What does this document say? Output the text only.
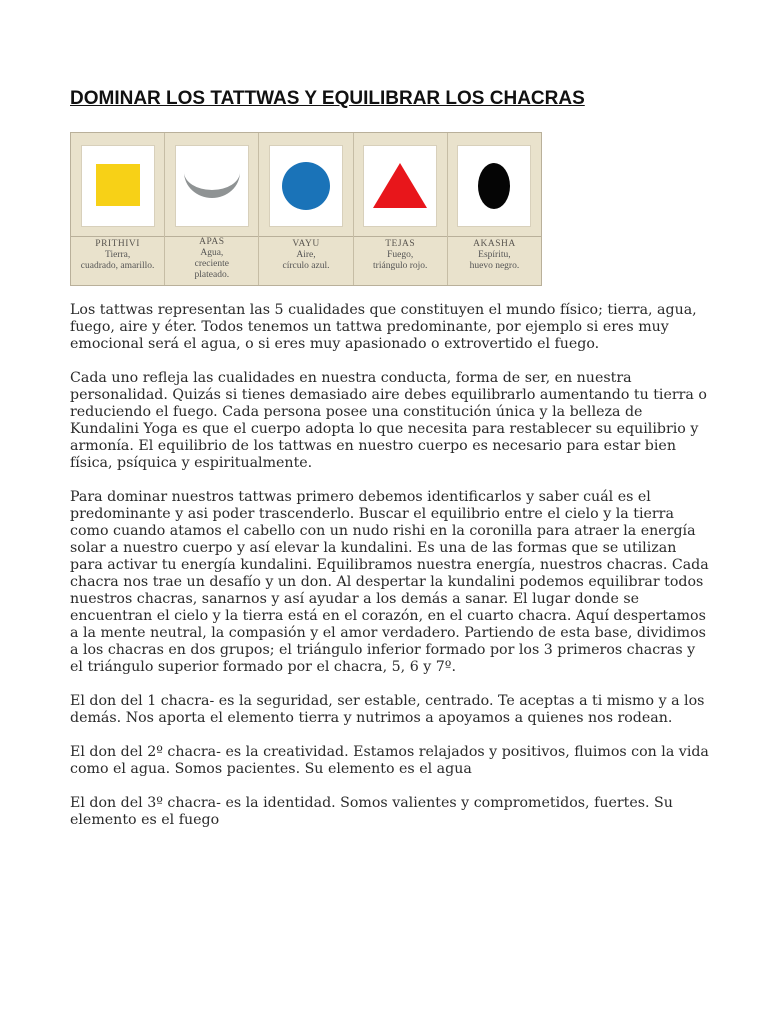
DOMINAR LOS TATTWAS Y EQUILIBRAR LOS CHACRAS
PRITHIVI
Tierra,
cuadrado, amarillo.
APAS
Agua,
creciente
plateado.
VAYU
Aire,
círculo azul.
TEJAS
Fuego,
triángulo rojo.
AKASHA
Espíritu,
huevo negro.

Los tattwas representan las 5 cualidades que constituyen el mundo físico; tierra, agua, fuego, aire y éter. Todos tenemos un tattwa predominante, por ejemplo si eres muy emocional será el agua, o si eres muy apasionado o extrovertido el fuego.

Cada uno refleja las cualidades en nuestra conducta, forma de ser, en nuestra personalidad. Quizás si tienes demasiado aire debes equilibrarlo aumentando tu tierra o reduciendo el fuego. Cada persona posee una constitución única y la belleza de Kundalini Yoga es que el cuerpo adopta lo que necesita para restablecer su equilibrio y armonía. El equilibrio de los tattwas en nuestro cuerpo es necesario para estar bien física, psíquica y espiritualmente.

Para dominar nuestros tattwas primero debemos identificarlos y saber cuál es el predominante y asi poder trascenderlo. Buscar el equilibrio entre el cielo y la tierra como cuando atamos el cabello con un nudo rishi en la coronilla para atraer la energía solar a nuestro cuerpo y así elevar la kundalini. Es una de las formas que se utilizan para activar tu energía kundalini. Equilibramos nuestra energía, nuestros chacras. Cada chacra nos trae un desafío y un don. Al despertar la kundalini podemos equilibrar todos nuestros chacras, sanarnos y así ayudar a los demás a sanar. El lugar donde se encuentran el cielo y la tierra está en el corazón, en el cuarto chacra. Aquí despertamos a la mente neutral, la compasión y el amor verdadero. Partiendo de esta base, dividimos a los chacras en dos grupos; el triángulo inferior formado por los 3 primeros chacras y el triángulo superior formado por el chacra, 5, 6 y 7º.

El don del 1 chacra- es la seguridad, ser estable, centrado. Te aceptas a ti mismo y a los demás. Nos aporta el elemento tierra y nutrimos a apoyamos a quienes nos rodean.

El don del 2º chacra- es la creatividad. Estamos relajados y positivos, fluimos con la vida como el agua. Somos pacientes. Su elemento es el agua

El don del 3º chacra- es la identidad. Somos valientes y comprometidos, fuertes. Su elemento es el fuego
